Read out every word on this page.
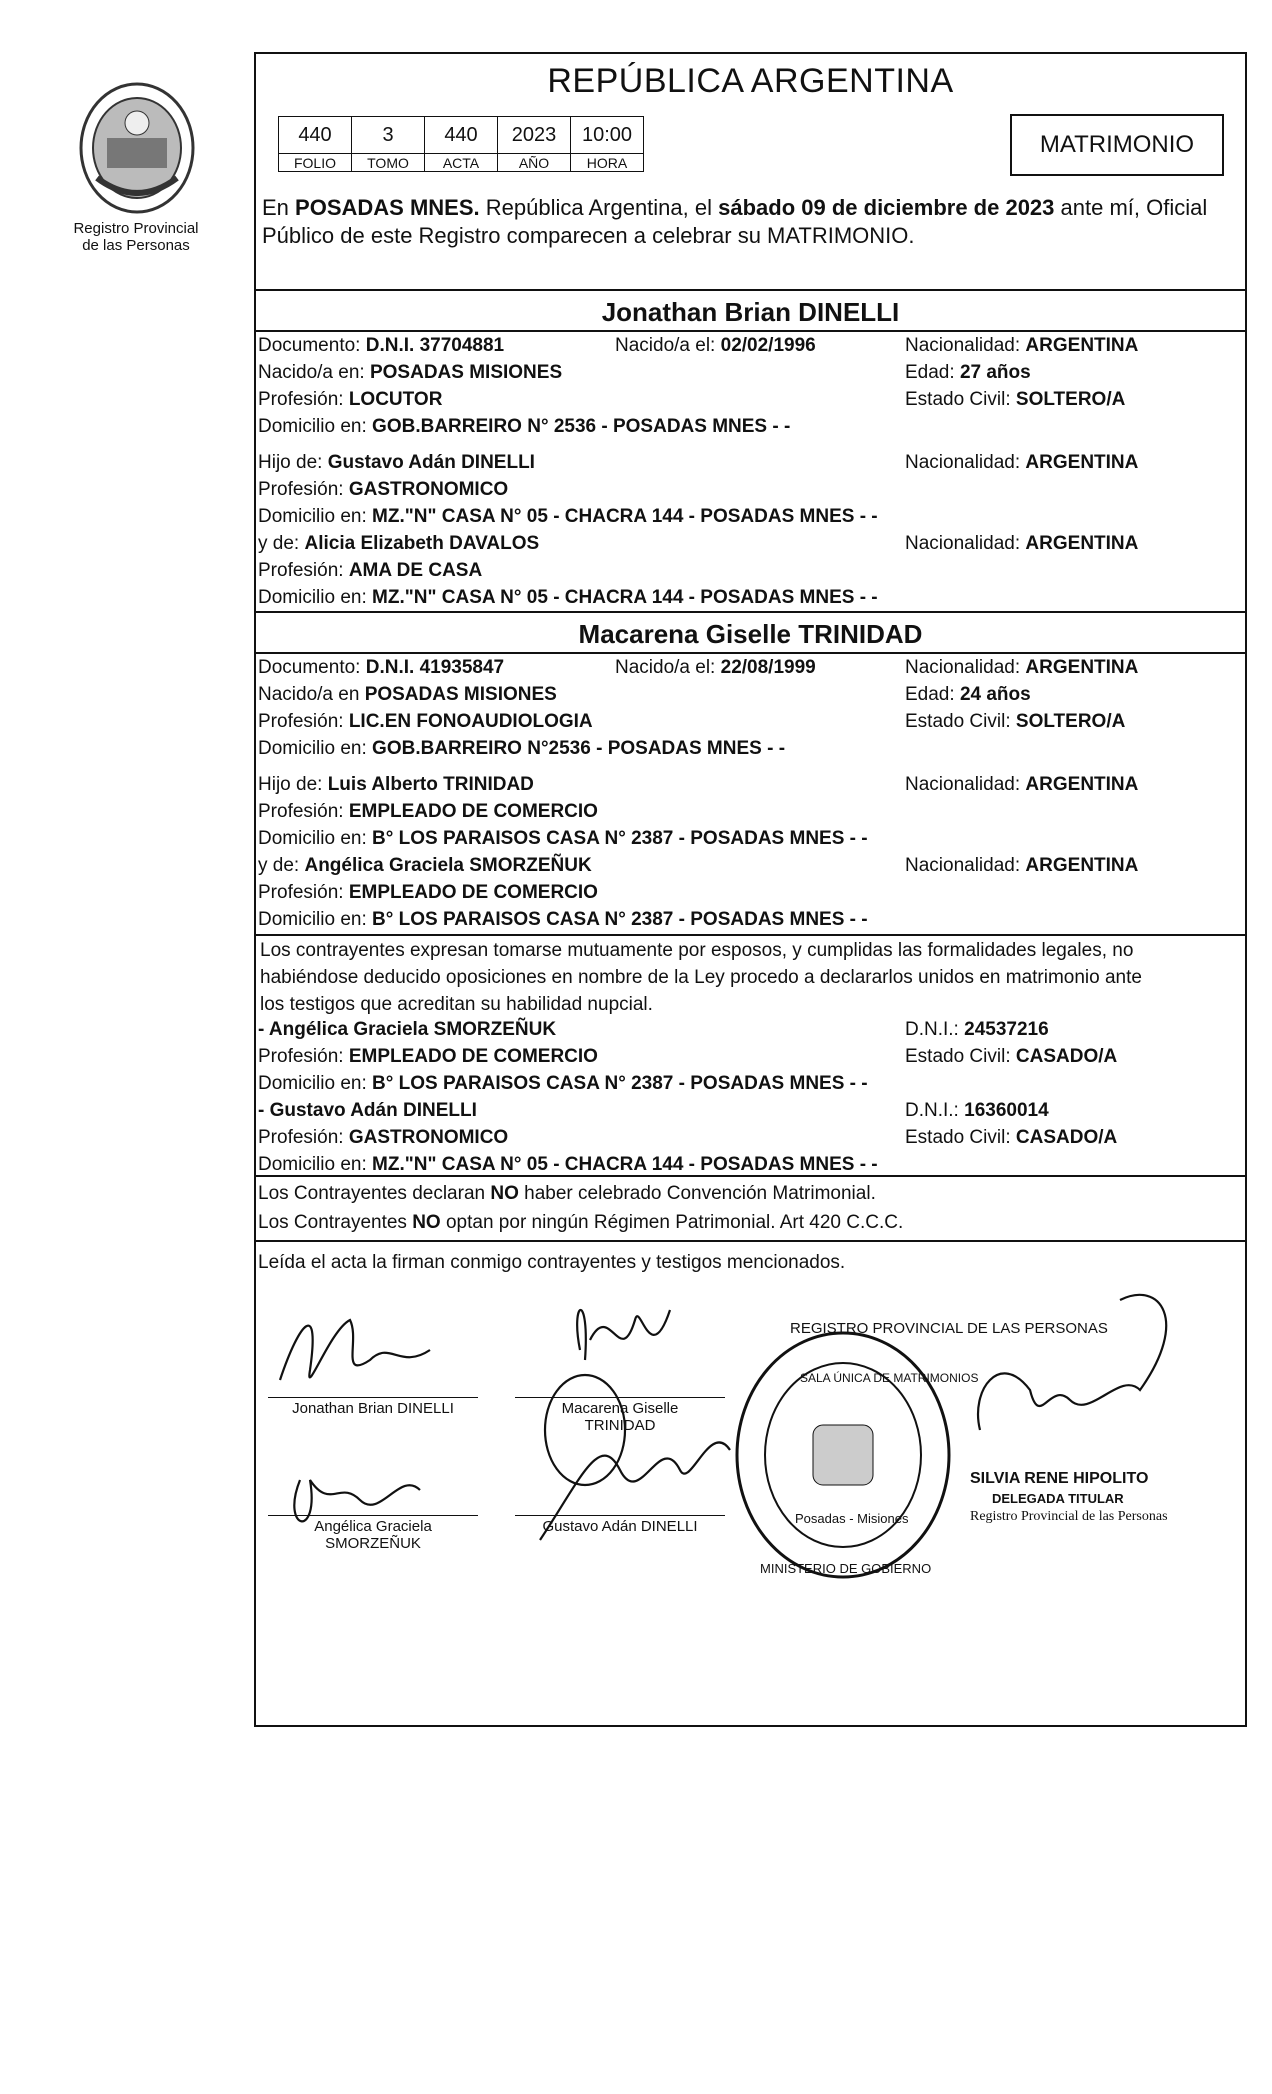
Registro Provincial
de las Personas
REPÚBLICA ARGENTINA
440	3	440	2023	10:00
FOLIO	TOMO	ACTA	AÑO	HORA
MATRIMONIO
En POSADAS MNES. República Argentina, el sábado 09 de diciembre de 2023 ante mí, Oficial Público de este Registro comparecen a celebrar su MATRIMONIO.
Jonathan Brian DINELLI
Documento: D.N.I. 37704881	Nacido/a el: 02/02/1996	Nacionalidad: ARGENTINA
Nacido/a en: POSADAS MISIONES	Edad: 27 años
Profesión: LOCUTOR	Estado Civil: SOLTERO/A
Domicilio en: GOB.BARREIRO N° 2536 - POSADAS MNES - -
Hijo de: Gustavo Adán DINELLI	Nacionalidad: ARGENTINA
Profesión: GASTRONOMICO
Domicilio en: MZ."N" CASA N° 05 - CHACRA 144 - POSADAS MNES - -
y de: Alicia Elizabeth DAVALOS	Nacionalidad: ARGENTINA
Profesión: AMA DE CASA
Domicilio en: MZ."N" CASA N° 05 - CHACRA 144 - POSADAS MNES - -
Macarena Giselle TRINIDAD
Documento: D.N.I. 41935847	Nacido/a el: 22/08/1999	Nacionalidad: ARGENTINA
Nacido/a en POSADAS MISIONES	Edad: 24 años
Profesión: LIC.EN FONOAUDIOLOGIA	Estado Civil: SOLTERO/A
Domicilio en: GOB.BARREIRO N°2536 - POSADAS MNES - -
Hijo de: Luis Alberto TRINIDAD	Nacionalidad: ARGENTINA
Profesión: EMPLEADO DE COMERCIO
Domicilio en: B° LOS PARAISOS CASA N° 2387 - POSADAS MNES - -
y de: Angélica Graciela SMORZEÑUK	Nacionalidad: ARGENTINA
Profesión: EMPLEADO DE COMERCIO
Domicilio en: B° LOS PARAISOS CASA N° 2387 - POSADAS MNES - -
Los contrayentes expresan tomarse mutuamente por esposos, y cumplidas las formalidades legales, no
habiéndose deducido oposiciones en nombre de la Ley procedo a declararlos unidos en matrimonio ante
los testigos que acreditan su habilidad nupcial.
- Angélica Graciela SMORZEÑUK	D.N.I.: 24537216
Profesión: EMPLEADO DE COMERCIO	Estado Civil: CASADO/A
Domicilio en: B° LOS PARAISOS CASA N° 2387 - POSADAS MNES - -
- Gustavo Adán DINELLI	D.N.I.: 16360014
Profesión: GASTRONOMICO	Estado Civil: CASADO/A
Domicilio en: MZ."N" CASA N° 05 - CHACRA 144 - POSADAS MNES - -
Los Contrayentes declaran NO haber celebrado Convención Matrimonial.
Los Contrayentes NO optan por ningún Régimen Patrimonial. Art 420 C.C.C.
Leída el acta la firman conmigo contrayentes y testigos mencionados.
REGISTRO PROVINCIAL DE LAS PERSONAS
SALA ÚNICA DE MATRIMONIOS
Posadas - Misiones
MINISTERIO DE GOBIERNO
Jonathan Brian DINELLI	Macarena Giselle
TRINIDAD
Angélica Graciela
SMORZEÑUK
Gustavo Adán DINELLI
SILVIA RENE HIPOLITO
DELEGADA TITULAR
Registro Provincial de las Personas
